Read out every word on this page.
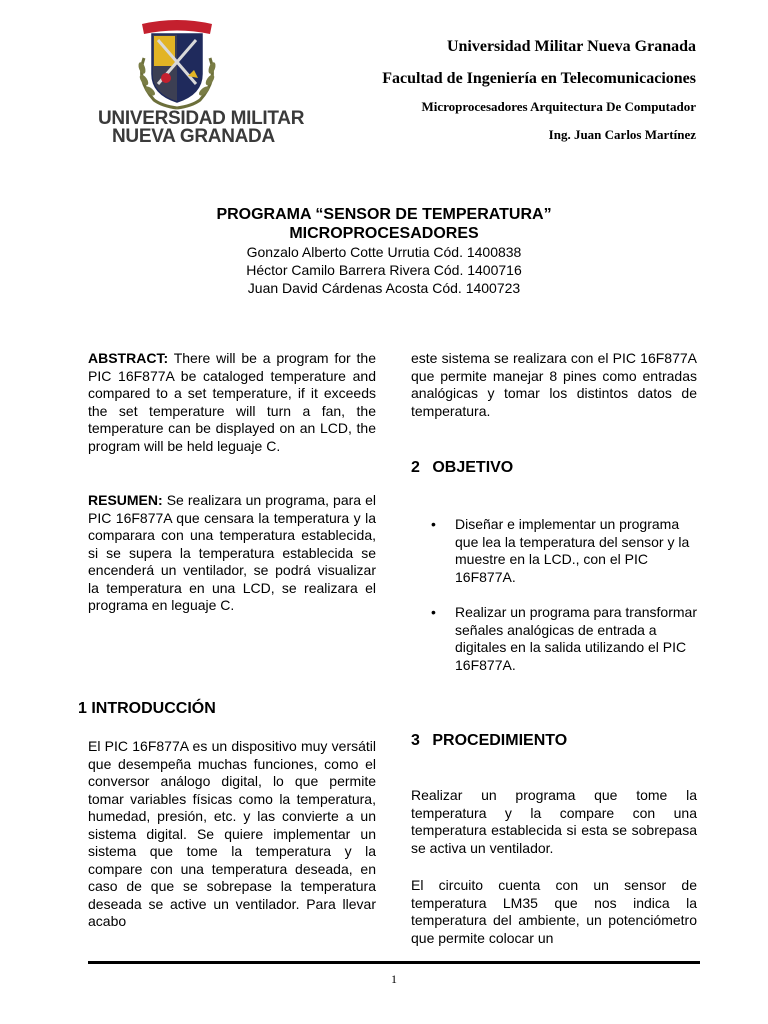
UNIVERSIDAD MILITAR
NUEVA GRANADA
Universidad Militar Nueva Granada
Facultad de Ingeniería en Telecomunicaciones
Microprocesadores Arquitectura De Computador
Ing. Juan Carlos Martínez
PROGRAMA “SENSOR DE TEMPERATURA”
MICROPROCESADORES
Gonzalo Alberto Cotte Urrutia Cód. 1400838
Héctor Camilo Barrera Rivera Cód. 1400716
Juan David Cárdenas Acosta Cód. 1400723

ABSTRACT: There will be a program for the PIC 16F877A be cataloged temperature and compared to a set temperature, if it exceeds the set temperature will turn a fan, the temperature can be displayed on an LCD, the program will be held leguaje C.

RESUMEN: Se realizara un programa, para el PIC 16F877A que censara la temperatura y la comparara con una temperatura establecida, si se supera la temperatura establecida se encenderá un ventilador, se podrá visualizar la temperatura en una LCD, se realizara el programa en leguaje C.

1 INTRODUCCIÓN

El PIC 16F877A es un dispositivo muy versátil que desempeña muchas funciones, como el conversor análogo digital, lo que permite tomar variables físicas como la temperatura, humedad, presión, etc. y las convierte a un sistema digital. Se quiere implementar un sistema que tome la temperatura y la compare con una temperatura deseada, en caso de que se sobrepase la temperatura deseada se active un ventilador. Para llevar acabo

este sistema se realizara con el PIC 16F877A que permite manejar 8 pines como entradas analógicas y tomar los distintos datos de temperatura.

2 OBJETIVO
• Diseñar e implementar un programa que lea la temperatura del sensor y la muestre en la LCD., con el PIC 16F877A.
• Realizar un programa para transformar señales analógicas de entrada a digitales en la salida utilizando el PIC 16F877A.
3 PROCEDIMIENTO

Realizar un programa que tome la temperatura y la compare con una temperatura establecida si esta se sobrepasa se activa un ventilador.

El circuito cuenta con un sensor de temperatura LM35 que nos indica la temperatura del ambiente, un potenciómetro que permite colocar un

1
